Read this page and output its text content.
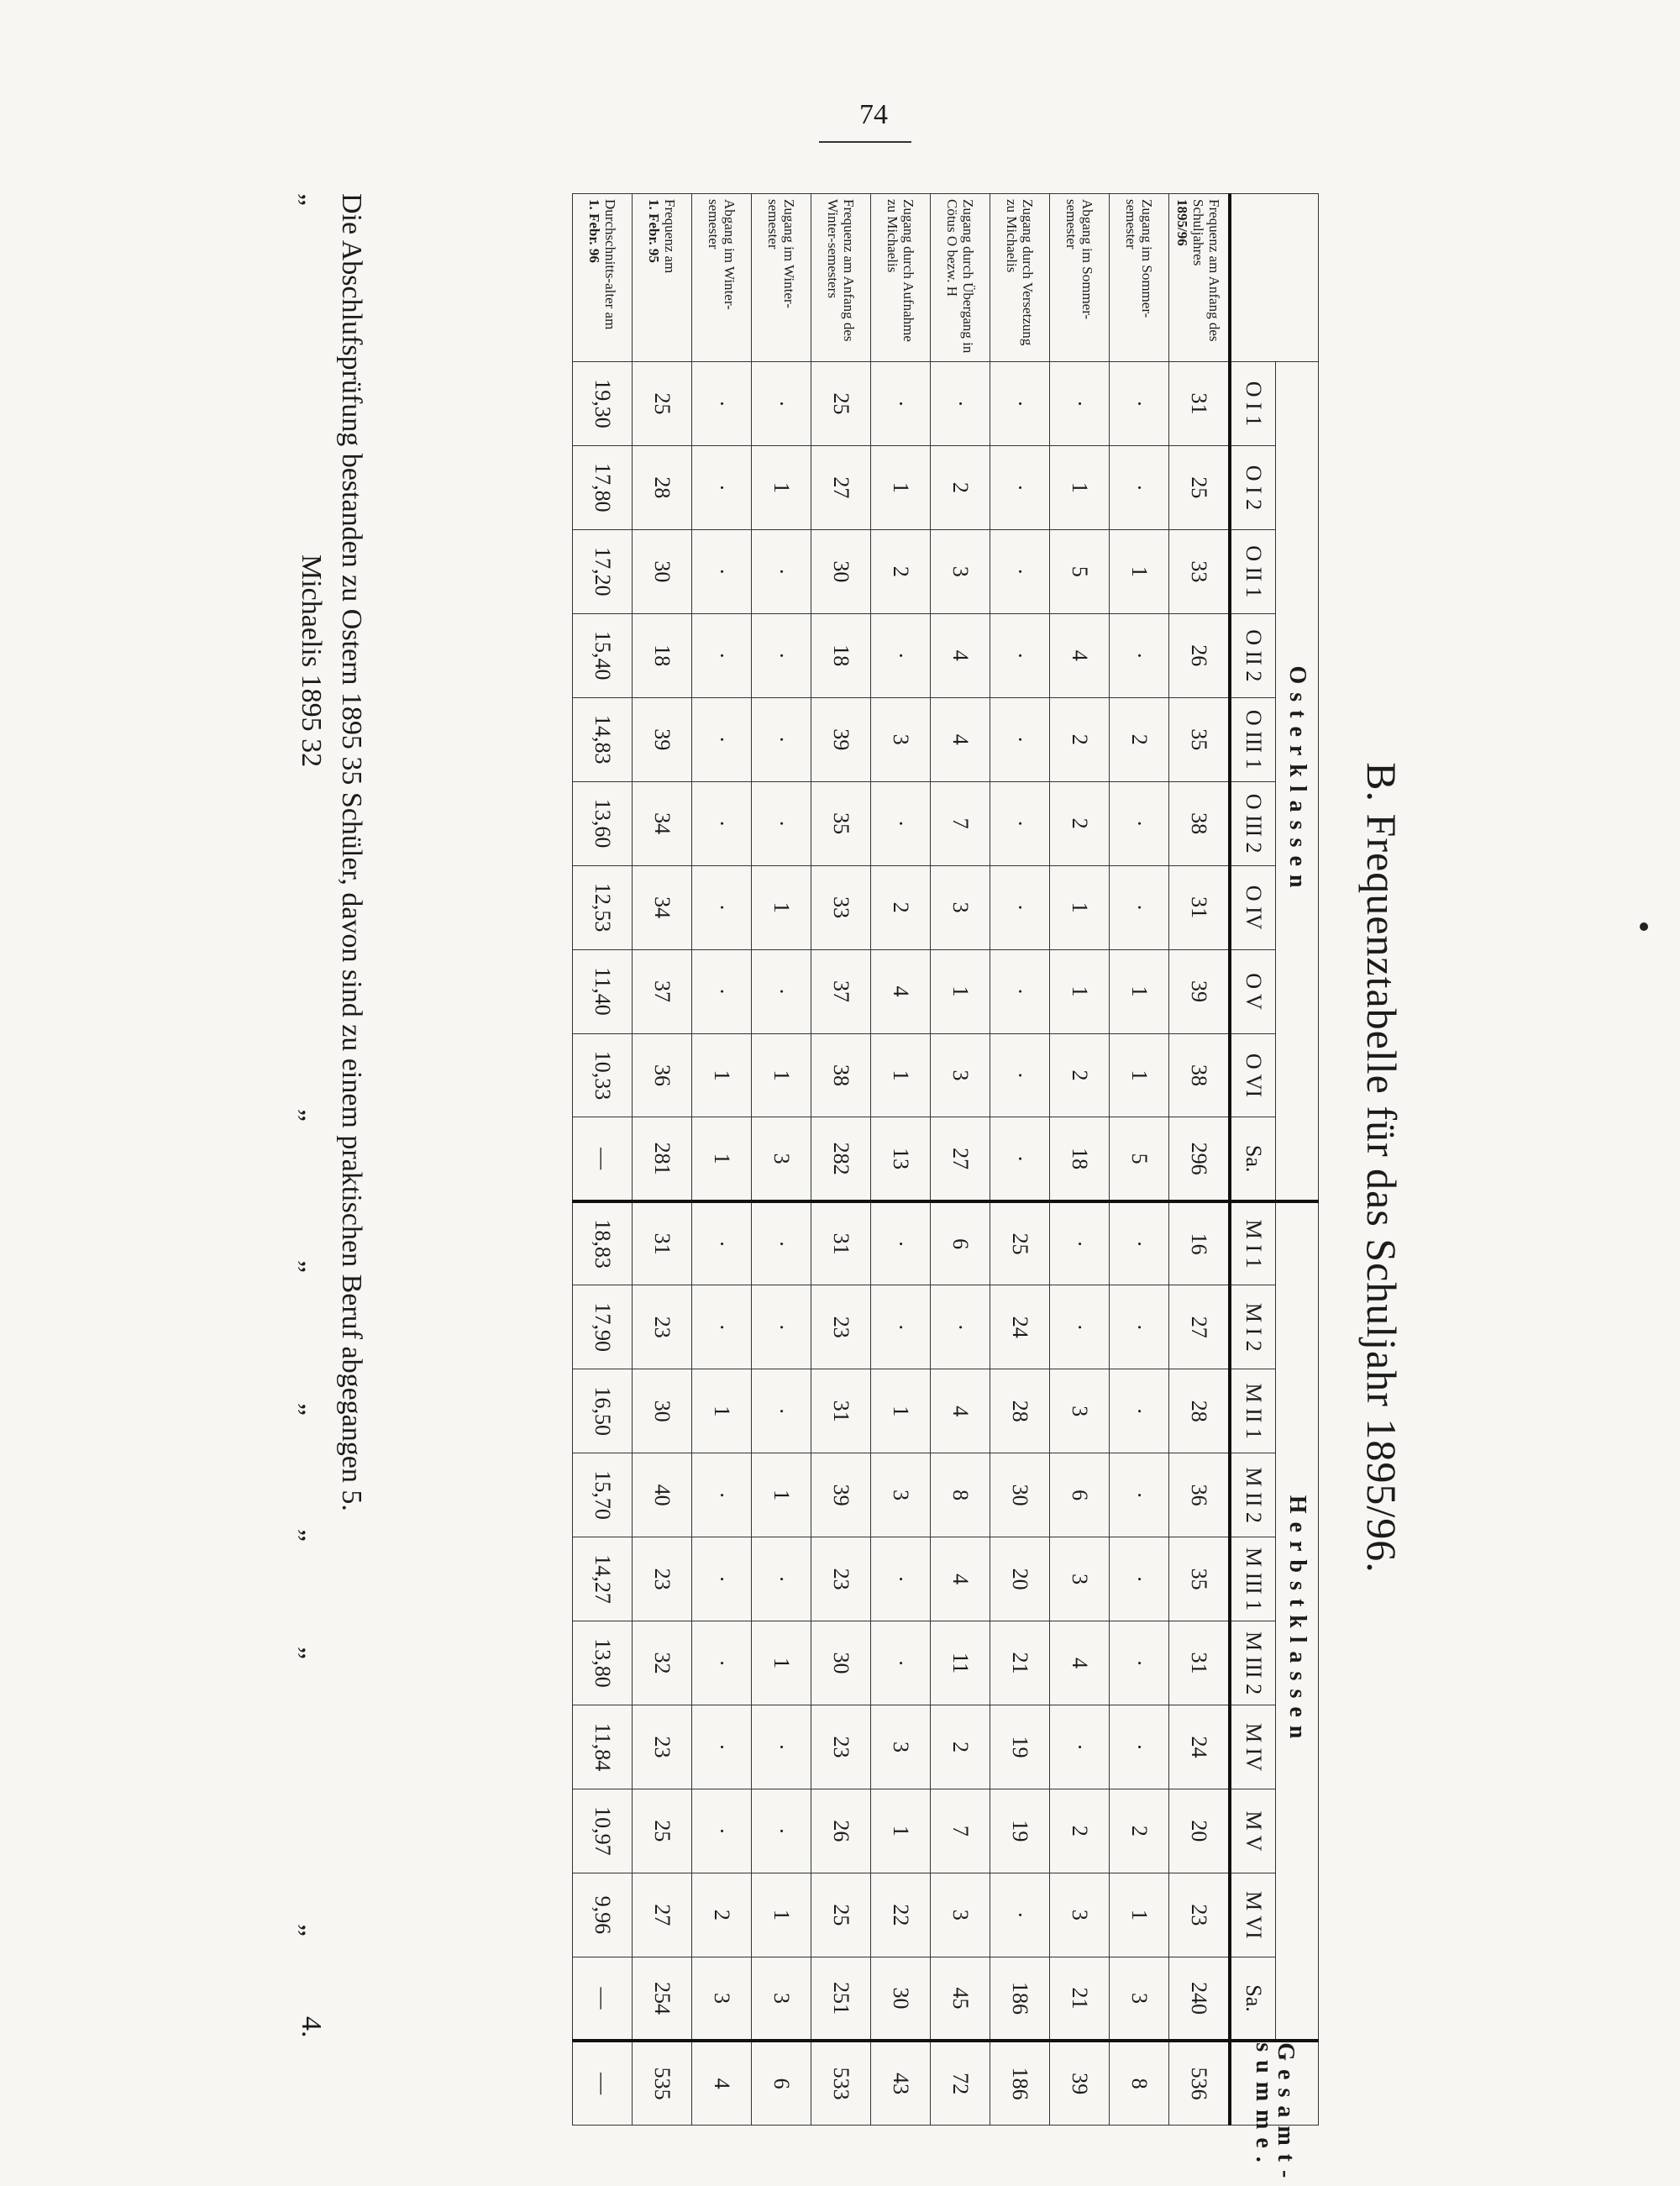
74
B. Frequenztabelle für das Schuljahr 1895/96.
	Osterklassen										Herbstklassen										Gesamt-summe.
	O I 1	O I 2	O II 1	O II 2	O III 1	O III 2	O IV	O V	O VI	Sa.	M I 1	M I 2	M II 1	M II 2	M III 1	M III 2	M IV	M V	M VI	Sa.	
Frequenz am Anfang des Schuljahres
1895/96	31	25	33	26	35	38	31	39	38	296	16	27	28	36	35	31	24	20	23	240	536
Zugang im Sommer-semester	·	·	1	·	2	·	·	1	1	5	·	·	·	·	·	·	·	2	1	3	8
Abgang im Sommer-semester	·	1	5	4	2	2	1	1	2	18	·	·	3	6	3	4	·	2	3	21	39
Zugang durch Versetzung zu Michaelis	·	·	·	·	·	·	·	·	·	·	25	24	28	30	20	21	19	19	·	186	186
Zugang durch Übergang in Cötus O bezw. H	·	2	3	4	4	7	3	1	3	27	6	·	4	8	4	11	2	7	3	45	72
Zugang durch Aufnahme zu Michaelis	·	1	2	·	3	·	2	4	1	13	·	·	1	3	·	·	3	1	22	30	43
Frequenz am Anfang des Winter-semesters	25	27	30	18	39	35	33	37	38	282	31	23	31	39	23	30	23	26	25	251	533
Zugang im Winter-semester	·	1	·	·	·	·	1	·	1	3	·	·	·	1	·	1	·	·	1	3	6
Abgang im Winter-semester	·	·	·	·	·	·	·	·	1	1	·	·	1	·	·	·	·	·	2	3	4
Frequenz am
1. Febr. 95	25	28	30	18	39	34	34	37	36	281	31	23	30	40	23	32	23	25	27	254	535
Durchschnitts-alter am
1. Febr. 96	19,30	17,80	17,20	15,40	14,83	13,60	12,53	11,40	10,33	—	18,83	17,90	16,50	15,70	14,27	13,80	11,84	10,97	9,96	—	—
Die Abschlufsprüfung bestanden zu Ostern 1895 35 Schüler, davon sind zu einem praktischen Beruf abgegangen 5.
„
Michaelis 1895 32
„
„
„
„
„
„
4.
